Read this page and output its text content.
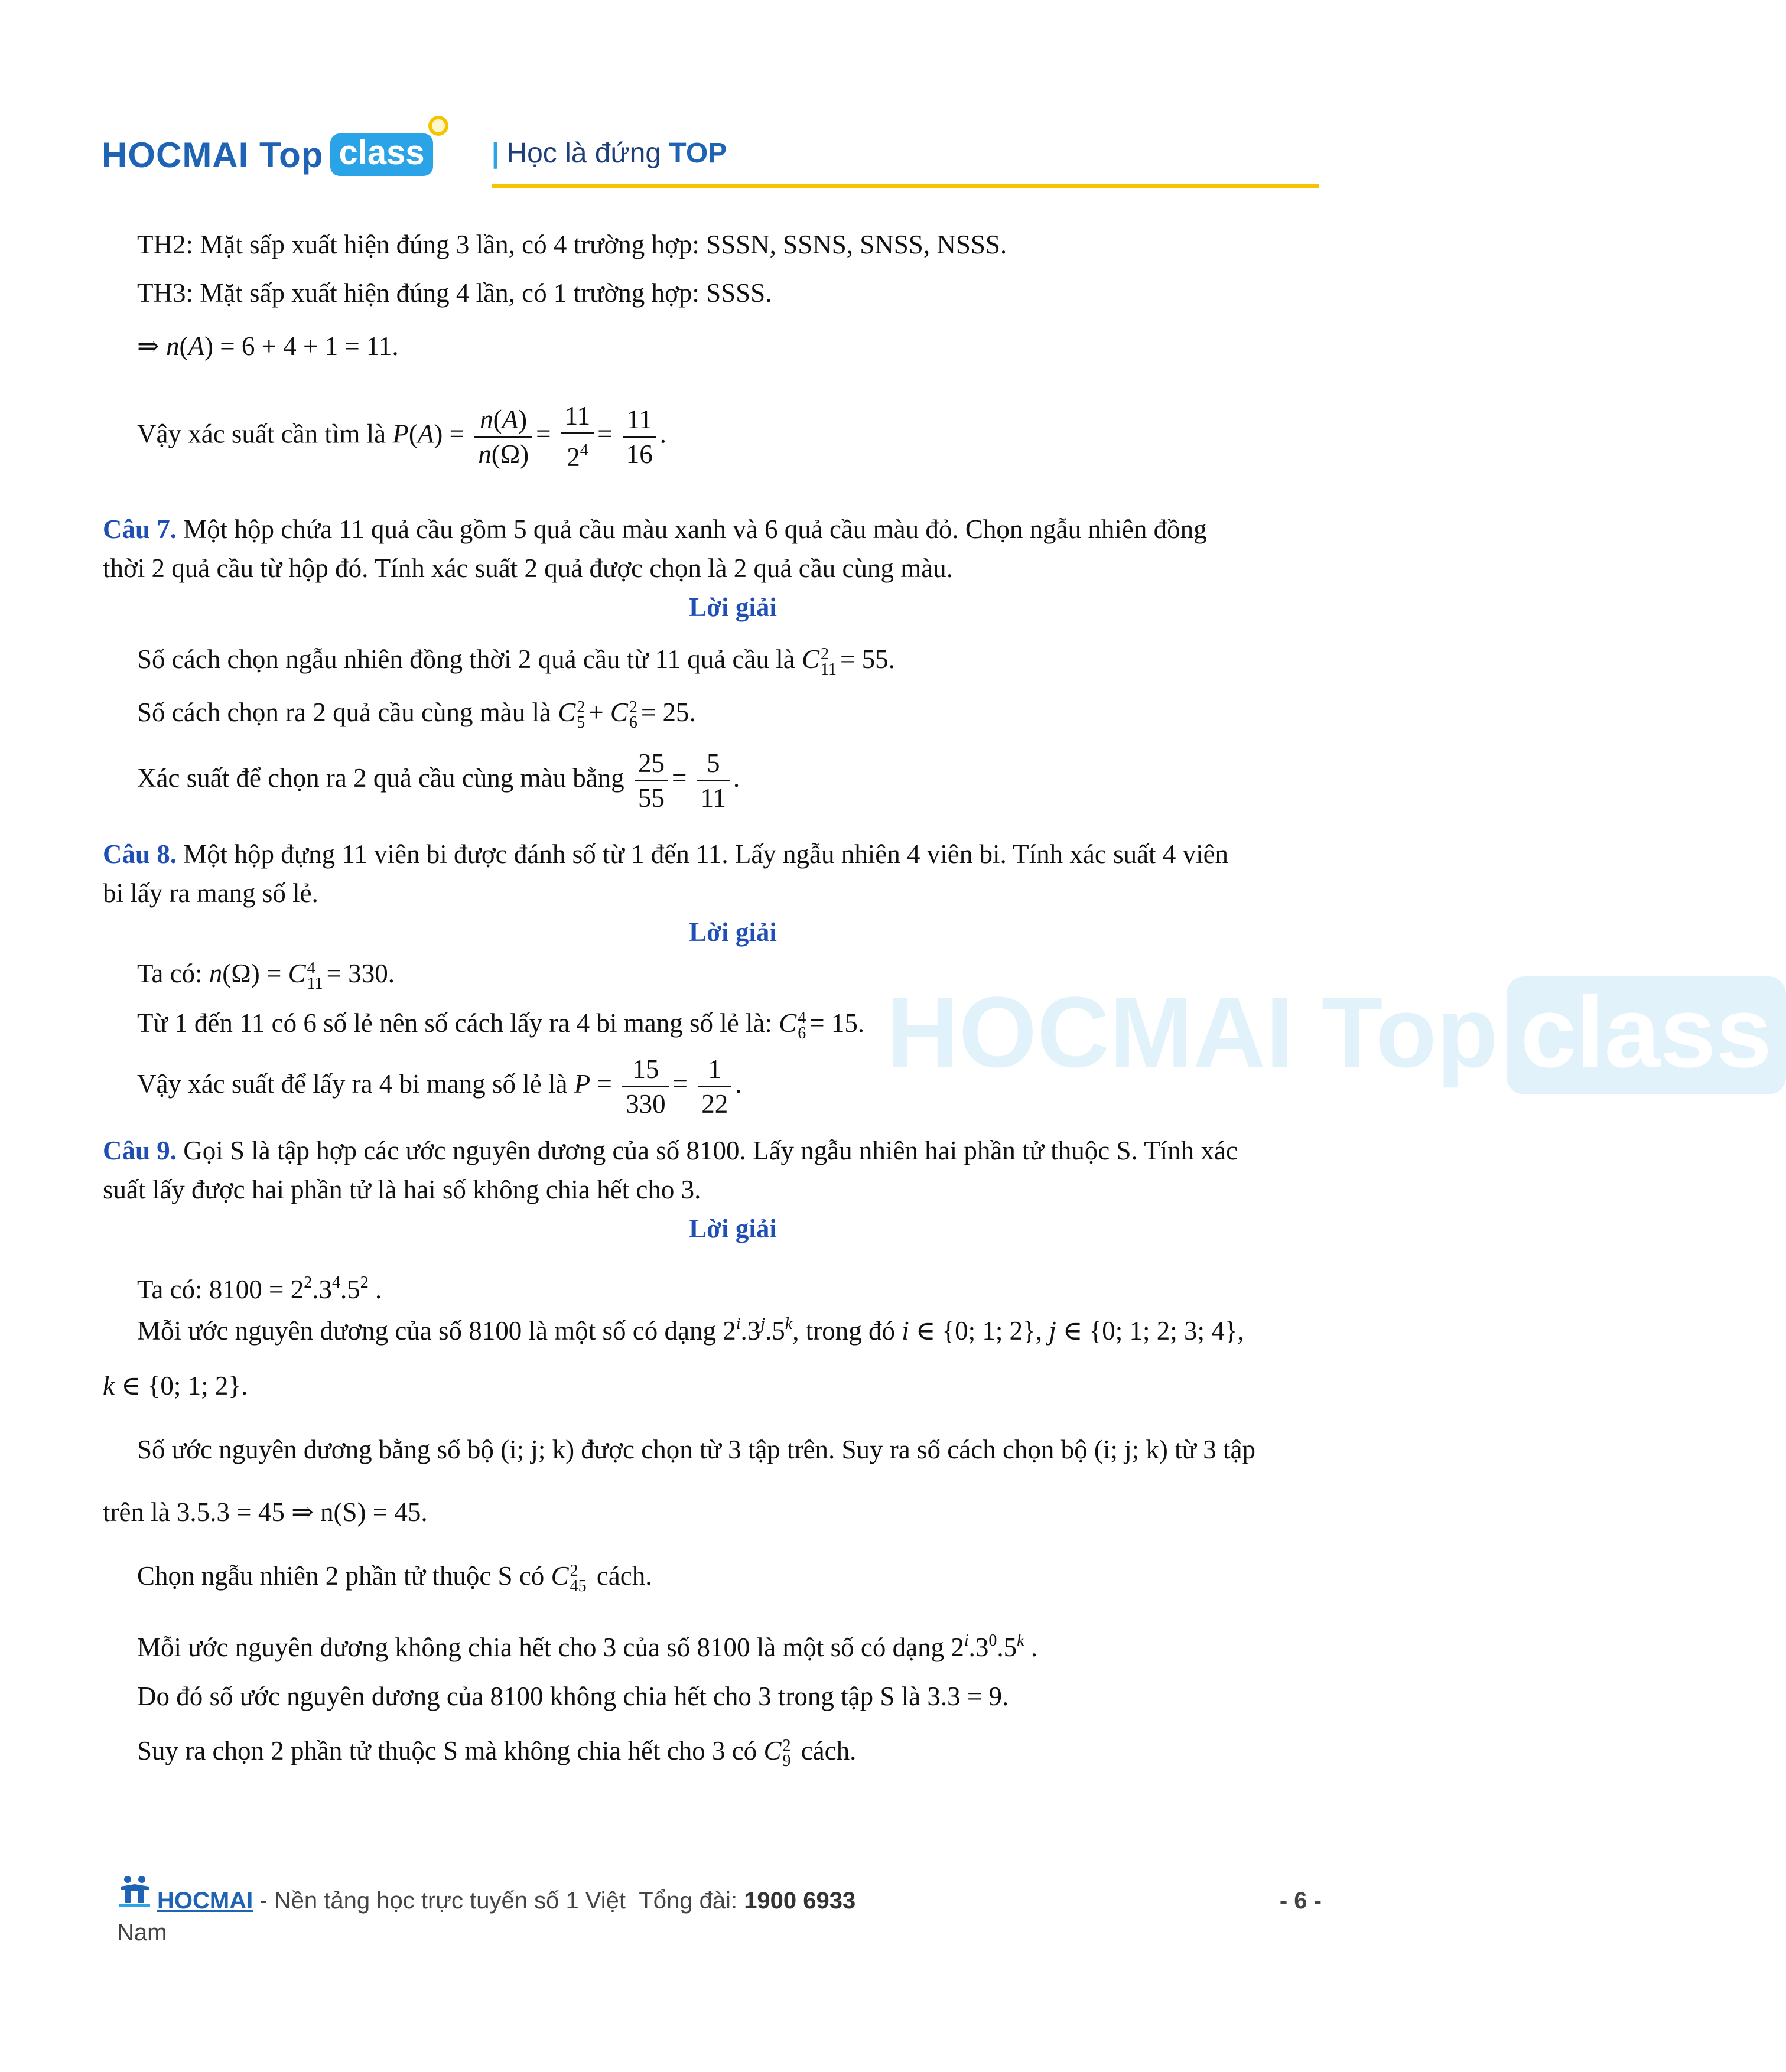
HOCMAI Top class | Học là đứng TOP
HOCMAI Top class
TH2: Mặt sấp xuất hiện đúng 3 lần, có 4 trường hợp: SSSN, SSNS, SNSS, NSSS.
TH3: Mặt sấp xuất hiện đúng 4 lần, có 1 trường hợp: SSSS.
⇒ n(A) = 6 + 4 + 1 = 11.
Vậy xác suất cần tìm là $P(A) = \frac{n(A)}{n(\Omega)} = \frac{11}{2^4} = \frac{11}{16}$ .
Câu 7. Một hộp chứa 11 quả cầu gồm 5 quả cầu màu xanh và 6 quả cầu màu đỏ. Chọn ngẫu nhiên đồng
thời 2 quả cầu từ hộp đó. Tính xác suất 2 quả được chọn là 2 quả cầu cùng màu.
Lời giải
Số cách chọn ngẫu nhiên đồng thời 2 quả cầu từ 11 quả cầu là C 2
11 = 55.
Số cách chọn ra 2 quả cầu cùng màu là C 2
5 + C 2
6 = 25.
Xác suất để chọn ra 2 quả cầu cùng màu bằng $\frac{25}{55} = \frac{5}{11}$ .
Câu 8. Một hộp đựng 11 viên bi được đánh số từ 1 đến 11. Lấy ngẫu nhiên 4 viên bi. Tính xác suất 4 viên
bi lấy ra mang số lẻ.
Lời giải
Ta có: n(Ω) = C 4
11 = 330.
Từ 1 đến 11 có 6 số lẻ nên số cách lấy ra 4 bi mang số lẻ là: C 4
6 = 15.
Vậy xác suất để lấy ra 4 bi mang số lẻ là $P = \frac{15}{330} = \frac{1}{22}$ .
Câu 9. Gọi S là tập hợp các ước nguyên dương của số 8100. Lấy ngẫu nhiên hai phần tử thuộc S. Tính xác
suất lấy được hai phần tử là hai số không chia hết cho 3.
Lời giải
Ta có: $8100 = 2^2.3^4.5^2$ .
Mỗi ước nguyên dương của số 8100 là một số có dạng 2$^i$.3$^j$.5$^k$, trong đó i ∈ {0; 1; 2}, j ∈ {0; 1; 2; 3; 4},
k ∈ {0; 1; 2}.
Số ước nguyên dương bằng số bộ (i; j; k) được chọn từ 3 tập trên. Suy ra số cách chọn bộ (i; j; k) từ 3 tập
trên là 3.5.3 = 45 ⇒ n(S) = 45.
Chọn ngẫu nhiên 2 phần tử thuộc S có C 2
45 cách.
Mỗi ước nguyên dương không chia hết cho 3 của số 8100 là một số có dạng $2^i.3^0.5^k$ .
Do đó số ước nguyên dương của 8100 không chia hết cho 3 trong tập S là 3.3 = 9.
Suy ra chọn 2 phần tử thuộc S mà không chia hết cho 3 có C 2
9 cách.
HOCMAI - Nền tảng học trực tuyến số 1 Việt Tổng đài: 1900 6933
Nam
- 6 -
